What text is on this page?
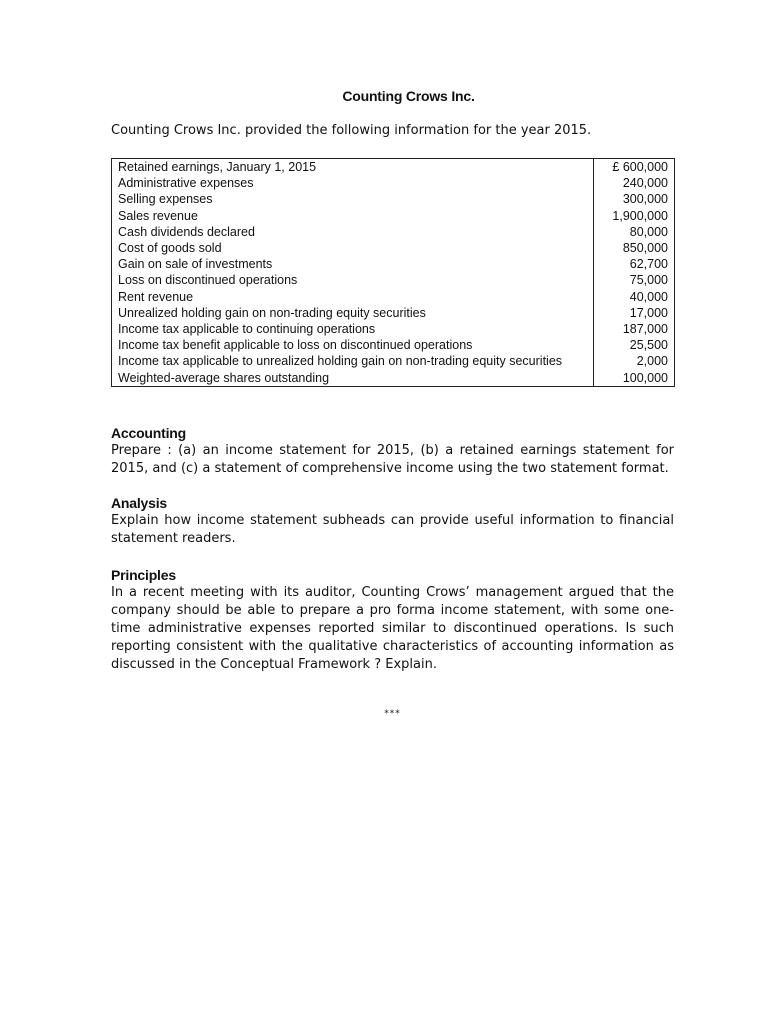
Counting Crows Inc.
Counting Crows Inc. provided the following information for the year 2015.
Retained earnings, January 1, 2015	£ 600,000
Administrative expenses	240,000
Selling expenses	300,000
Sales revenue	1,900,000
Cash dividends declared	80,000
Cost of goods sold	850,000
Gain on sale of investments	62,700
Loss on discontinued operations	75,000
Rent revenue	40,000
Unrealized holding gain on non-trading equity securities	17,000
Income tax applicable to continuing operations	187,000
Income tax benefit applicable to loss on discontinued operations	25,500
Income tax applicable to unrealized holding gain on non-trading equity securities	2,000
Weighted-average shares outstanding	100,000
Accounting

Prepare : (a) an income statement for 2015, (b) a retained earnings statement for 2015, and (c) a statement of comprehensive income using the two statement format.

Analysis

Explain how income statement subheads can provide useful information to financial statement readers.

Principles

In a recent meeting with its auditor, Counting Crows’ management argued that the company should be able to prepare a pro forma income statement, with some one-time administrative expenses reported similar to discontinued operations. Is such reporting consistent with the qualitative characteristics of accounting information as discussed in the Conceptual Framework ? Explain.

***
